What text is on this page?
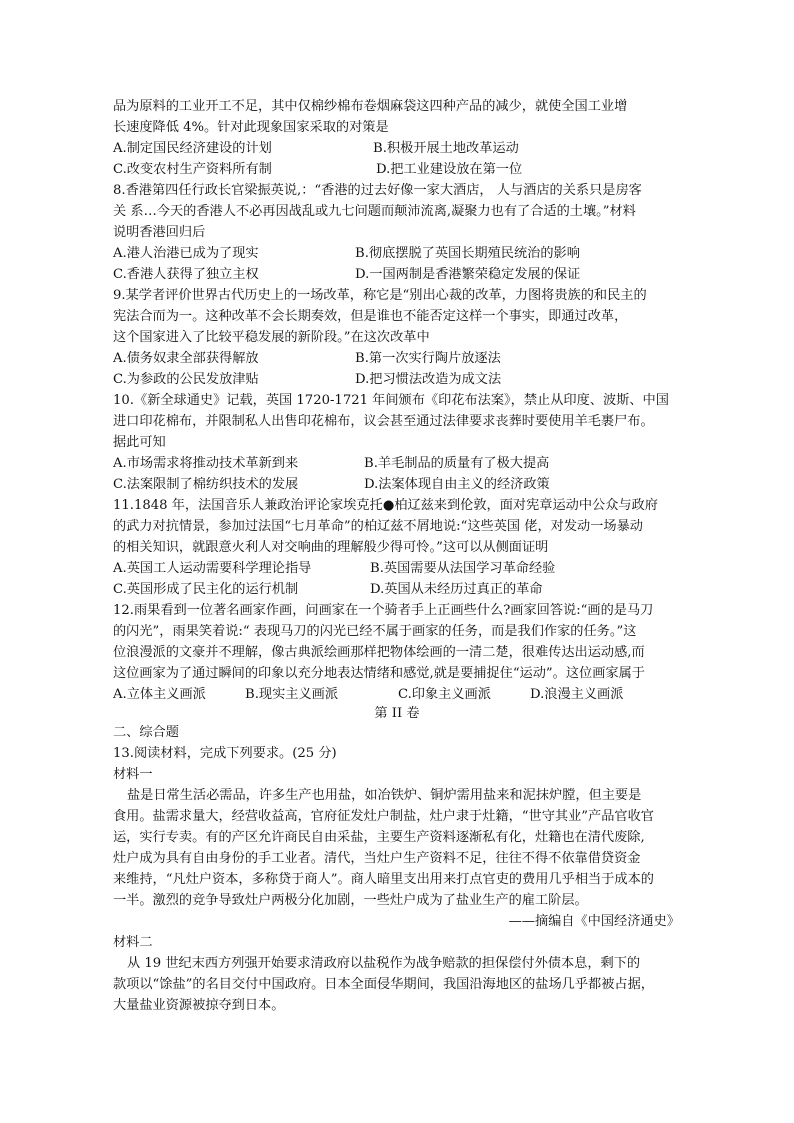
品为原料的工业开工不足，其中仅棉纱棉布卷烟麻袋这四种产品的减少，就使全国工业增
长速度降低 4%。针对此现象国家采取的对策是
A.制定国民经济建设的计划	B.积极开展土地改革运动
C.改变农村生产资料所有制	D.把工业建设放在第一位
8.香港第四任行政长官梁振英说,：“香港的过去好像一家大酒店， 人与酒店的关系只是房客
关 系…今天的香港人不必再因战乱或九七问题而颠沛流离,凝聚力也有了合适的土壤。”材料
说明香港回归后
A.港人治港已成为了现实	B.彻底摆脱了英国长期殖民统治的影响
C.香港人获得了独立主权	D.一国两制是香港繁荣稳定发展的保证
9.某学者评价世界古代历史上的一场改革，称它是“别出心裁的改革，力图将贵族的和民主的
宪法合而为一。这种改革不会长期奏效，但是谁也不能否定这样一个事实，即通过改革，
这个国家进入了比较平稳发展的新阶段。”在这次改革中
A.债务奴隶全部获得解放	B.第一次实行陶片放逐法
C.为参政的公民发放津贴	D.把习惯法改造为成文法
10.《新全球通史》记载，英国 1720-1721 年间颁布《印花布法案》，禁止从印度、波斯、中国
进口印花棉布，并限制私人出售印花棉布，议会甚至通过法律要求丧葬时要使用羊毛裹尸布。
据此可知
A.市场需求将推动技术革新到来	B.羊毛制品的质量有了极大提高
C.法案限制了棉纺织技术的发展	D.法案体现自由主义的经济政策
11.1848 年，法国音乐人兼政治评论家埃克托●柏辽兹来到伦敦，面对宪章运动中公众与政府
的武力对抗情景，参加过法国“七月革命”的柏辽兹不屑地说:“这些英国 佬，对发动一场暴动
的相关知识，就跟意火利人对交响曲的理解般少得可怜。”这可以从侧面证明
A.英国工人运动需要科学理论指导	B.英国需要从法国学习革命经验
C.英国形成了民主化的运行机制	D.英国从未经历过真正的革命
12.雨果看到一位著名画家作画，问画家在一个骑者手上正画些什么?画家回答说:“画的是马刀
的闪光”，雨果笑着说:“ 表现马刀的闪光已经不属于画家的任务，而是我们作家的任务。”这
位浪漫派的文豪并不理解，像古典派绘画那样把物体绘画的一清二楚，很难传达出运动感,而
这位画家为了通过瞬间的印象以充分地表达情绪和感觉,就是要捕捉住“运动”。这位画家属于
A.立体主义画派	B.现实主义画派	C.印象主义画派	D.浪漫主义画派
第 II 卷
二、综合题
13.阅读材料，完成下列要求。(25 分)
材料一
盐是日常生活必需品，许多生产也用盐，如冶铁炉、铜炉需用盐来和泥抹炉膛，但主要是
食用。盐需求量大，经营收益高，官府征发灶户制盐，灶户隶于灶籍，“世守其业”产品官收官
运，实行专卖。有的产区允许商民自由采盐，主要生产资料逐渐私有化，灶籍也在清代废除,
灶户成为具有自由身份的手工业者。清代，当灶户生产资料不足，往往不得不依靠借贷资金
来维持，“凡灶户资本，多称贷于商人”。商人暗里支出用来打点官吏的费用几乎相当于成本的
一半。激烈的竞争导致灶户两极分化加剧，一些灶户成为了盐业生产的雇工阶层。
——摘编自《中国经济通史》
材料二
从 19 世纪末西方列强开始要求清政府以盐税作为战争赔款的担保偿付外债本息，剩下的
款项以“馀盐”的名目交付中国政府。日本全面侵华期间，我国沿海地区的盐场几乎都被占据，
大量盐业资源被掠夺到日本。
